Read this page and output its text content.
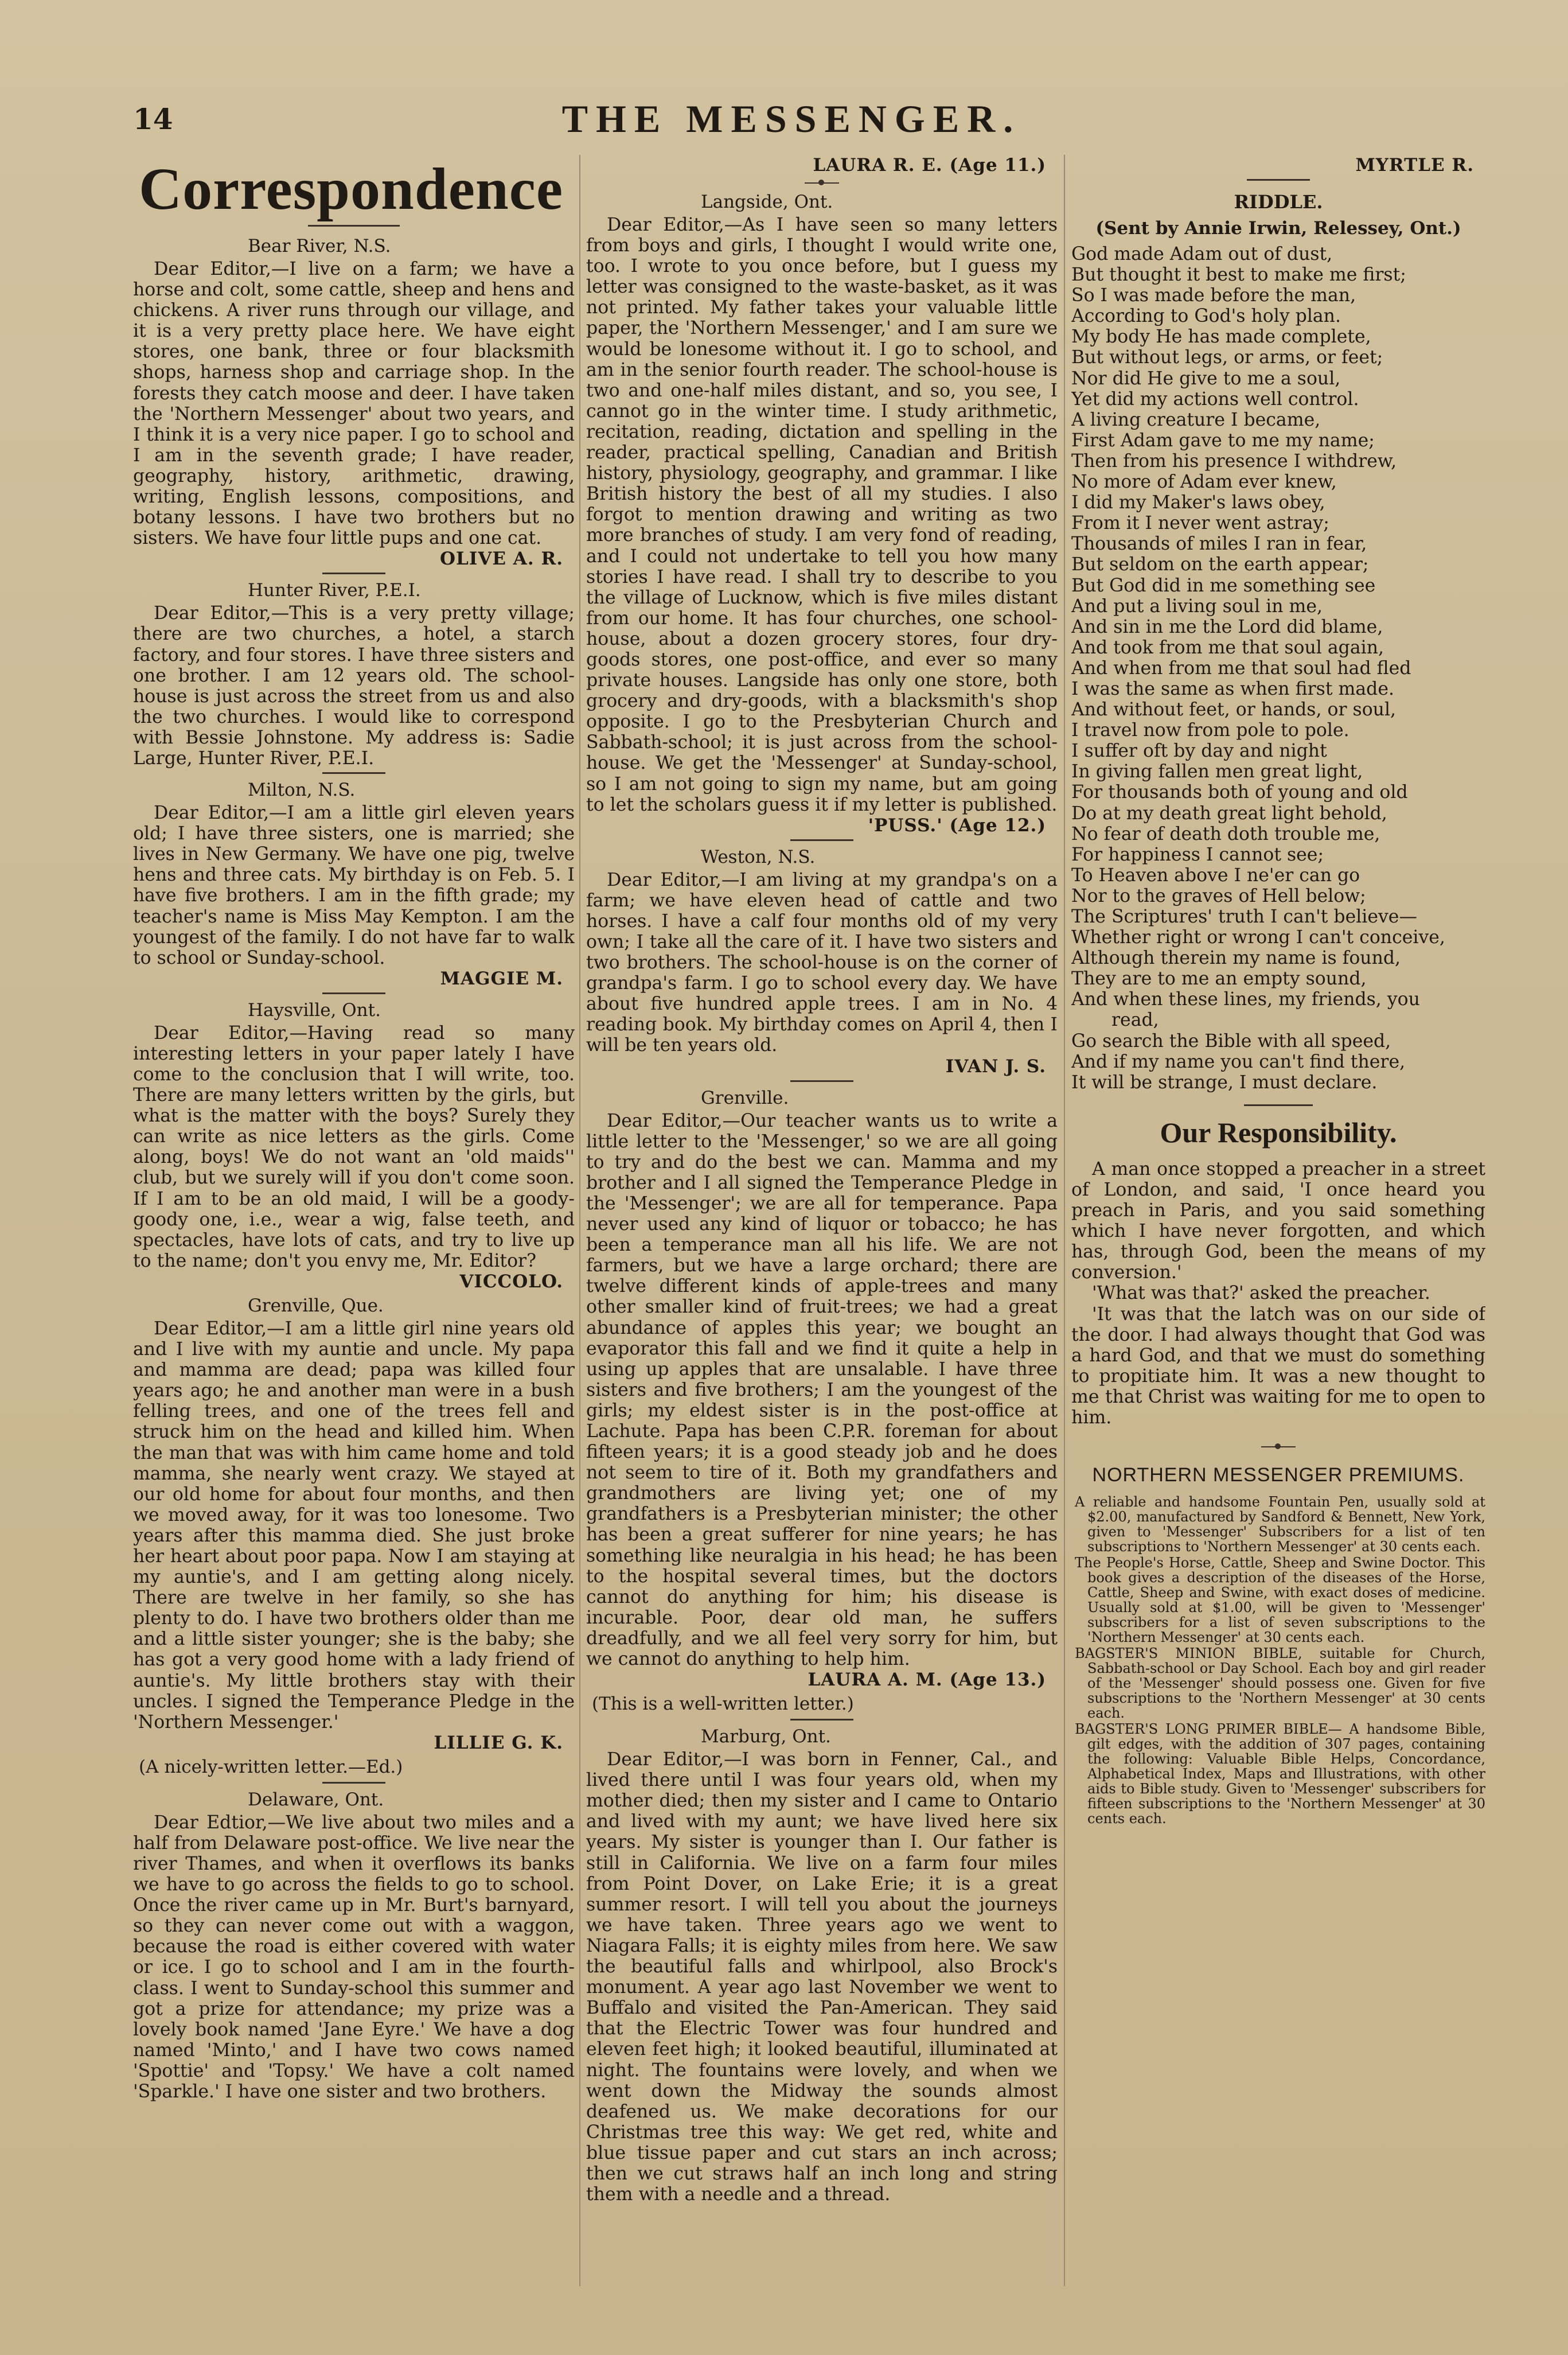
14	THE MESSENGER.
Correspondence
Bear River, N.S.

Dear Editor,—I live on a farm; we have a horse and colt, some cattle, sheep and hens and chickens. A river runs through our village, and it is a very pretty place here. We have eight stores, one bank, three or four blacksmith shops, harness shop and carriage shop. In the forests they catch moose and deer. I have taken the 'Northern Messenger' about two years, and I think it is a very nice paper. I go to school and I am in the seventh grade; I have reader, geography, history, arithmetic, drawing, writing, English lessons, compositions, and botany lessons. I have two brothers but no sisters. We have four little pups and one cat.

OLIVE A. R.
Hunter River, P.E.I.

Dear Editor,—This is a very pretty village; there are two churches, a hotel, a starch factory, and four stores. I have three sisters and one brother. I am 12 years old. The school-house is just across the street from us and also the two churches. I would like to correspond with Bessie Johnstone. My address is: Sadie Large, Hunter River, P.E.I.

Milton, N.S.

Dear Editor,—I am a little girl eleven years old; I have three sisters, one is married; she lives in New Germany. We have one pig, twelve hens and three cats. My birthday is on Feb. 5. I have five brothers. I am in the fifth grade; my teacher's name is Miss May Kempton. I am the youngest of the family. I do not have far to walk to school or Sunday-school.

MAGGIE M.
Haysville, Ont.

Dear Editor,—Having read so many interesting letters in your paper lately I have come to the conclusion that I will write, too. There are many letters written by the girls, but what is the matter with the boys? Surely they can write as nice letters as the girls. Come along, boys! We do not want an 'old maids'' club, but we surely will if you don't come soon. If I am to be an old maid, I will be a goody-goody one, i.e., wear a wig, false teeth, and spectacles, have lots of cats, and try to live up to the name; don't you envy me, Mr. Editor?

VICCOLO.
Grenville, Que.

Dear Editor,—I am a little girl nine years old and I live with my auntie and uncle. My papa and mamma are dead; papa was killed four years ago; he and another man were in a bush felling trees, and one of the trees fell and struck him on the head and killed him. When the man that was with him came home and told mamma, she nearly went crazy. We stayed at our old home for about four months, and then we moved away, for it was too lonesome. Two years after this mamma died. She just broke her heart about poor papa. Now I am staying at my auntie's, and I am getting along nicely. There are twelve in her family, so she has plenty to do. I have two brothers older than me and a little sister younger; she is the baby; she has got a very good home with a lady friend of auntie's. My little brothers stay with their uncles. I signed the Temperance Pledge in the 'Northern Messenger.'

LILLIE G. K.
(A nicely-written letter.—Ed.)
Delaware, Ont.

Dear Edtior,—We live about two miles and a half from Delaware post-office. We live near the river Thames, and when it overflows its banks we have to go across the fields to go to school. Once the river came up in Mr. Burt's barnyard, so they can never come out with a waggon, because the road is either covered with water or ice. I go to school and I am in the fourth-class. I went to Sunday-school this summer and got a prize for attendance; my prize was a lovely book named 'Jane Eyre.' We have a dog named 'Minto,' and I have two cows named 'Spottie' and 'Topsy.' We have a colt named 'Sparkle.' I have one sister and two brothers.

LAURA R. E. (Age 11.)
Langside, Ont.

Dear Editor,—As I have seen so many letters from boys and girls, I thought I would write one, too. I wrote to you once before, but I guess my letter was consigned to the waste-basket, as it was not printed. My father takes your valuable little paper, the 'Northern Messenger,' and I am sure we would be lonesome without it. I go to school, and am in the senior fourth reader. The school-house is two and one-half miles distant, and so, you see, I cannot go in the winter time. I study arithmetic, recitation, reading, dictation and spelling in the reader, practical spelling, Canadian and British history, physiology, geography, and grammar. I like British history the best of all my studies. I also forgot to mention drawing and writing as two more branches of study. I am very fond of reading, and I could not undertake to tell you how many stories I have read. I shall try to describe to you the village of Lucknow, which is five miles distant from our home. It has four churches, one school-house, about a dozen grocery stores, four dry-goods stores, one post-office, and ever so many private houses. Langside has only one store, both grocery and dry-goods, with a blacksmith's shop opposite. I go to the Presbyterian Church and Sabbath-school; it is just across from the school-house. We get the 'Messenger' at Sunday-school, so I am not going to sign my name, but am going to let the scholars guess it if my letter is published.

'PUSS.' (Age 12.)
Weston, N.S.

Dear Editor,—I am living at my grandpa's on a farm; we have eleven head of cattle and two horses. I have a calf four months old of my very own; I take all the care of it. I have two sisters and two brothers. The school-house is on the corner of grandpa's farm. I go to school every day. We have about five hundred apple trees. I am in No. 4 reading book. My birthday comes on April 4, then I will be ten years old.

IVAN J. S.
Grenville.

Dear Editor,—Our teacher wants us to write a little letter to the 'Messenger,' so we are all going to try and do the best we can. Mamma and my brother and I all signed the Temperance Pledge in the 'Messenger'; we are all for temperance. Papa never used any kind of liquor or tobacco; he has been a temperance man all his life. We are not farmers, but we have a large orchard; there are twelve different kinds of apple-trees and many other smaller kind of fruit-trees; we had a great abundance of apples this year; we bought an evaporator this fall and we find it quite a help in using up apples that are unsalable. I have three sisters and five brothers; I am the youngest of the girls; my eldest sister is in the post-office at Lachute. Papa has been C.P.R. foreman for about fifteen years; it is a good steady job and he does not seem to tire of it. Both my grandfathers and grandmothers are living yet; one of my grandfathers is a Presbyterian minister; the other has been a great sufferer for nine years; he has something like neuralgia in his head; he has been to the hospital several times, but the doctors cannot do anything for him; his disease is incurable. Poor, dear old man, he suffers dreadfully, and we all feel very sorry for him, but we cannot do anything to help him.

LAURA A. M. (Age 13.)
(This is a well-written letter.)
Marburg, Ont.

Dear Editor,—I was born in Fenner, Cal., and lived there until I was four years old, when my mother died; then my sister and I came to Ontario and lived with my aunt; we have lived here six years. My sister is younger than I. Our father is still in California. We live on a farm four miles from Point Dover, on Lake Erie; it is a great summer resort. I will tell you about the journeys we have taken. Three years ago we went to Niagara Falls; it is eighty miles from here. We saw the beautiful falls and whirlpool, also Brock's monument. A year ago last November we went to Buffalo and visited the Pan-American. They said that the Electric Tower was four hundred and eleven feet high; it looked beautiful, illuminated at night. The fountains were lovely, and when we went down the Midway the sounds almost deafened us. We make decorations for our Christmas tree this way: We get red, white and blue tissue paper and cut stars an inch across; then we cut straws half an inch long and string them with a needle and a thread.

MYRTLE R.
RIDDLE.
(Sent by Annie Irwin, Relessey, Ont.)
God made Adam out of dust,
But thought it best to make me first;
So I was made before the man,
According to God's holy plan.
My body He has made complete,
But without legs, or arms, or feet;
Nor did He give to me a soul,
Yet did my actions well control.
A living creature I became,
First Adam gave to me my name;
Then from his presence I withdrew,
No more of Adam ever knew,
I did my Maker's laws obey,
From it I never went astray;
Thousands of miles I ran in fear,
But seldom on the earth appear;
But God did in me something see
And put a living soul in me,
And sin in me the Lord did blame,
And took from me that soul again,
And when from me that soul had fled
I was the same as when first made.
And without feet, or hands, or soul,
I travel now from pole to pole.
I suffer oft by day and night
In giving fallen men great light,
For thousands both of young and old
Do at my death great light behold,
No fear of death doth trouble me,
For happiness I cannot see;
To Heaven above I ne'er can go
Nor to the graves of Hell below;
The Scriptures' truth I can't believe—
Whether right or wrong I can't conceive,
Although therein my name is found,
They are to me an empty sound,
And when these lines, my friends, you
read,
Go search the Bible with all speed,
And if my name you can't find there,
It will be strange, I must declare.
Our Responsibility.

A man once stopped a preacher in a street of London, and said, 'I once heard you preach in Paris, and you said something which I have never forgotten, and which has, through God, been the means of my conversion.'

'What was that?' asked the preacher.

'It was that the latch was on our side of the door. I had always thought that God was a hard God, and that we must do something to propitiate him. It was a new thought to me that Christ was waiting for me to open to him.

NORTHERN MESSENGER PREMIUMS.
A reliable and handsome Fountain Pen, usually sold at $2.00, manufactured by Sandford & Bennett, New York, given to 'Messenger' Subscribers for a list of ten subscriptions to 'Northern Messenger' at 30 cents each.
The People's Horse, Cattle, Sheep and Swine Doctor. This book gives a description of the diseases of the Horse, Cattle, Sheep and Swine, with exact doses of medicine. Usually sold at $1.00, will be given to 'Messenger' subscribers for a list of seven subscriptions to the 'Northern Messenger' at 30 cents each.
BAGSTER'S MINION BIBLE, suitable for Church, Sabbath-school or Day School. Each boy and girl reader of the 'Messenger' should possess one. Given for five subscriptions to the 'Northern Messenger' at 30 cents each.
BAGSTER'S LONG PRIMER BIBLE— A handsome Bible, gilt edges, with the addition of 307 pages, containing the following: Valuable Bible Helps, Concordance, Alphabetical Index, Maps and Illustrations, with other aids to Bible study. Given to 'Messenger' subscribers for fifteen subscriptions to the 'Northern Messenger' at 30 cents each.
